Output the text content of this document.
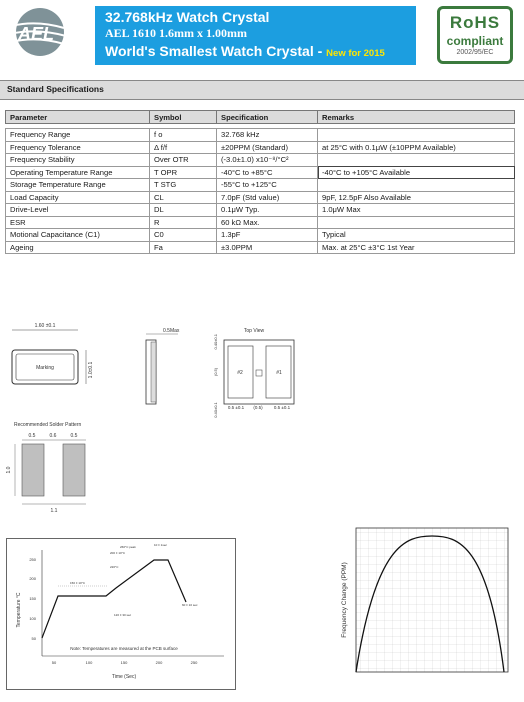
AEL
Frequency Control Products
32.768kHz Watch Crystal
AEL 1610 1.6mm x 1.00mm
World's Smallest Watch Crystal - New for 2015
RoHS
compliant
2002/95/EC
Standard Specifications
Parameter	Symbol	Specification	Remarks

Frequency Range	f o	32.768 kHz	
Frequency Tolerance	Δ f/f	±20PPM (Standard)	at 25°C with 0.1μW (±10PPM Available)
Frequency Stability	Over OTR	(-3.0±1.0) x10⁻⁸/°C²	
Operating Temperature Range	T OPR	-40°C to +85°C	-40°C to +105°C Available
Storage Temperature Range	T STG	-55°C to +125°C	
Load Capacity	CL	7.0pF (Std value)	9pF, 12.5pF Also Available
Drive-Level	DL	0.1μW Typ.	1.0μW Max
ESR	R	60 kΩ Max.	
Motional Capacitance (C1)	C0	1.3pF	Typical
Ageing	Fa	±3.0PPM	Max. at 25°C ±3°C 1st Year
1.60 ±0.1
Marking	1.0±0.1
0.5Max	Top View
#2	#1
0.40±0.1
(0.5)
0.40±0.1 0.5 ±0.1 (0.5)	0.5 ±0.1
Recommended Solder Pattern
0.5	0.6	0.5
1.0
1.1
Temperature °C
250
200
150
100
50
50	100	150	200	250
Time (Sec)
150 ± 10°C
220°C
200 ± 10°C
260°C peak	10 ± 1sec
120 ± 30 sec
60 ± 10 sec
Note: Temperatures are measured at the PCB surface
Frequency Change (PPM)
